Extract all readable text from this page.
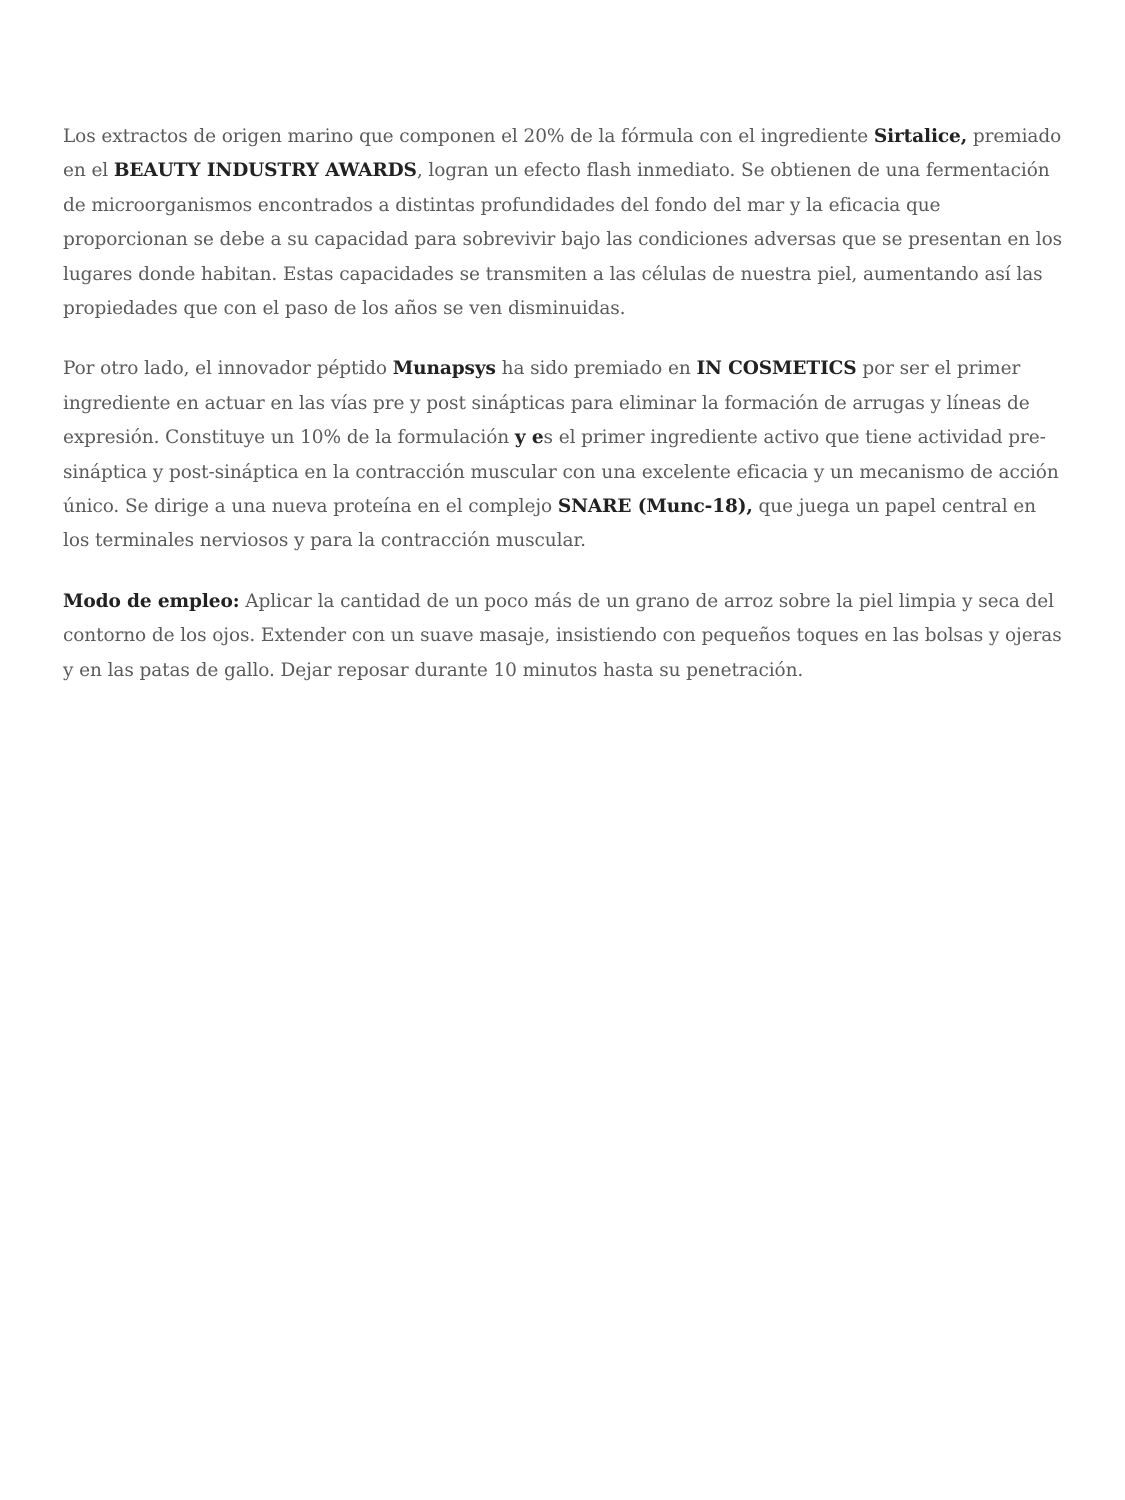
Los extractos de origen marino que componen el 20% de la fórmula con el ingrediente Sirtalice, premiado en el BEAUTY INDUSTRY AWARDS, logran un efecto flash inmediato. Se obtienen de una fermentación de microorganismos encontrados a distintas profundidades del fondo del mar y la eficacia que proporcionan se debe a su capacidad para sobrevivir bajo las condiciones adversas que se presentan en los lugares donde habitan. Estas capacidades se transmiten a las células de nuestra piel, aumentando así las propiedades que con el paso de los años se ven disminuidas.

Por otro lado, el innovador péptido Munapsys ha sido premiado en IN COSMETICS por ser el primer ingrediente en actuar en las vías pre y post sinápticas para eliminar la formación de arrugas y líneas de expresión. Constituye un 10% de la formulación y es el primer ingrediente activo que tiene actividad pre-sináptica y post-sináptica en la contracción muscular con una excelente eficacia y un mecanismo de acción único. Se dirige a una nueva proteína en el complejo SNARE (Munc-18), que juega un papel central en los terminales nerviosos y para la contracción muscular.

Modo de empleo: Aplicar la cantidad de un poco más de un grano de arroz sobre la piel limpia y seca del contorno de los ojos. Extender con un suave masaje, insistiendo con pequeños toques en las bolsas y ojeras y en las patas de gallo. Dejar reposar durante 10 minutos hasta su penetración.
